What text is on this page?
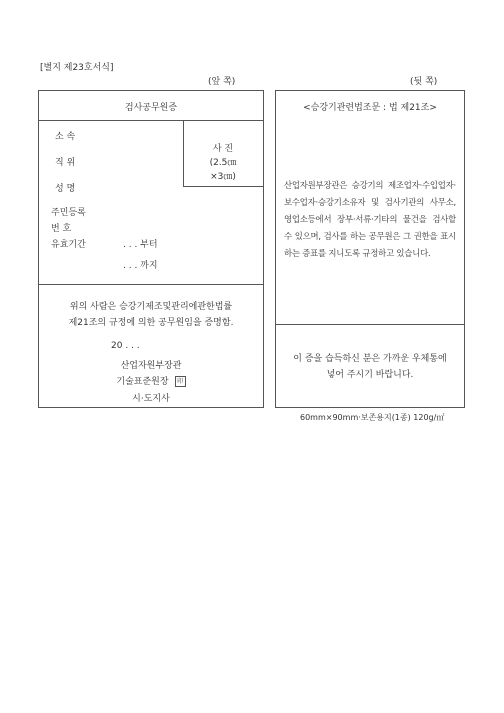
[별지 제23호서식]
(앞 쪽)	(뒷 쪽)
검사공무원증
사 진
(2.5㎝
×3㎝)
소 속
직 위
성 명
주민등록
번 호
유효기간	. . . 부터
. . . 까지
위의 사람은 승강기제조및관리에관한법률
제21조의 규정에 의한 공무원임을 증명함.
20 . . .
산업자원부장관
기술표준원장 印
시·도지사
<승강기관련법조문 : 법 제21조>
산업자원부장관은 승강기의 제조업자·수입업자·보수업자·승강기소유자 및 검사기관의 사무소, 영업소등에서 장부·서류·기타의 물건을 검사할 수 있으며, 검사를 하는 공무원은 그 권한을 표시하는 증표를 지니도록 규정하고 있습니다.
이 증을 습득하신 분은 가까운 우체통에
넣어 주시기 바랍니다.
60mm×90mm·보존용지(1종) 120g/㎡
